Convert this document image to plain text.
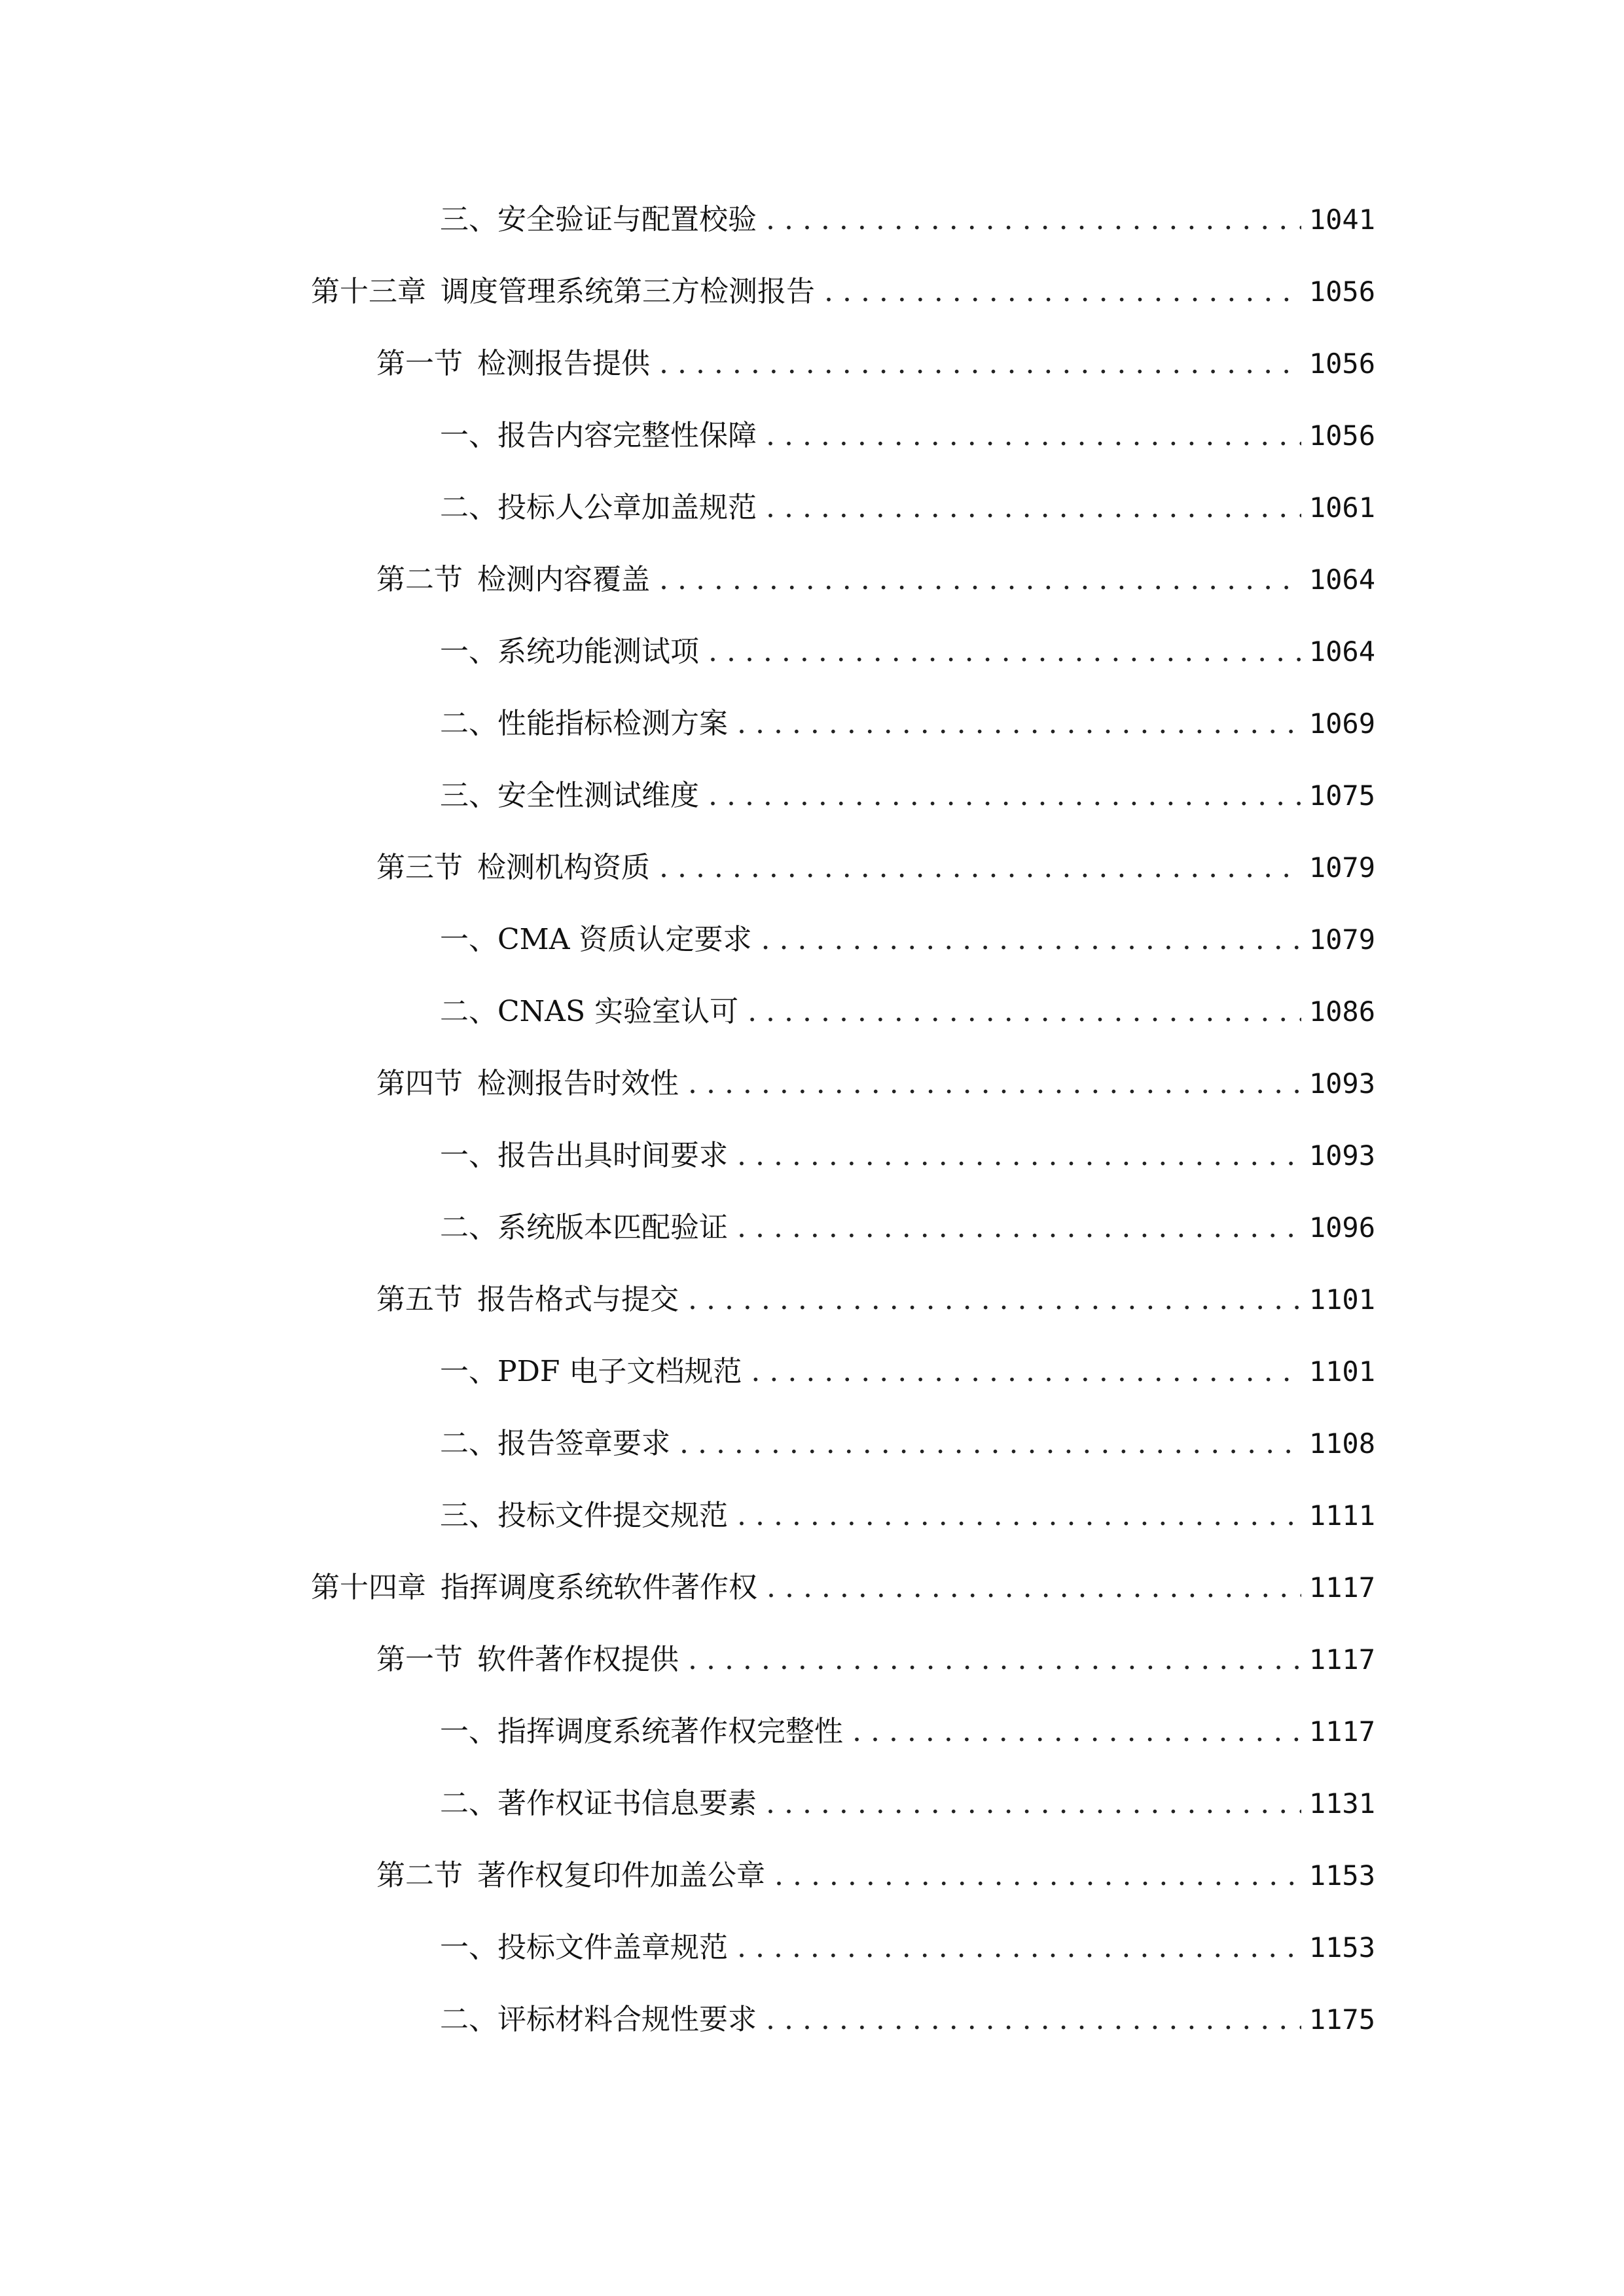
三、 安全验证与配置校验 . . .	1041
第十三章 调度管理系统第三方检测报告 . . .	1056
第一节 检测报告提供 . . .	1056
一、 报告内容完整性保障 . . .	1056
二、 投标人公章加盖规范 . . .	1061
第二节 检测内容覆盖 . . .	1064
一、 系统功能测试项 . . .	1064
二、 性能指标检测方案 . . .	1069
三、 安全性测试维度 . . .	1075
第三节 检测机构资质 . . .	1079
一、 CMA 资质认定要求 . . .	1079
二、 CNAS 实验室认可 . . .	1086
第四节 检测报告时效性 . . .	1093
一、 报告出具时间要求 . . .	1093
二、 系统版本匹配验证 . . .	1096
第五节 报告格式与提交 . . .	1101
一、 PDF 电子文档规范 . . .	1101
二、 报告签章要求 . . .	1108
三、 投标文件提交规范 . . .	1111
第十四章 指挥调度系统软件著作权 . . .	1117
第一节 软件著作权提供 . . .	1117
一、 指挥调度系统著作权完整性 . . .	1117
二、 著作权证书信息要素 . . .	1131
第二节 著作权复印件加盖公章 . . .	1153
一、 投标文件盖章规范 . . .	1153
二、 评标材料合规性要求 . . .	1175
